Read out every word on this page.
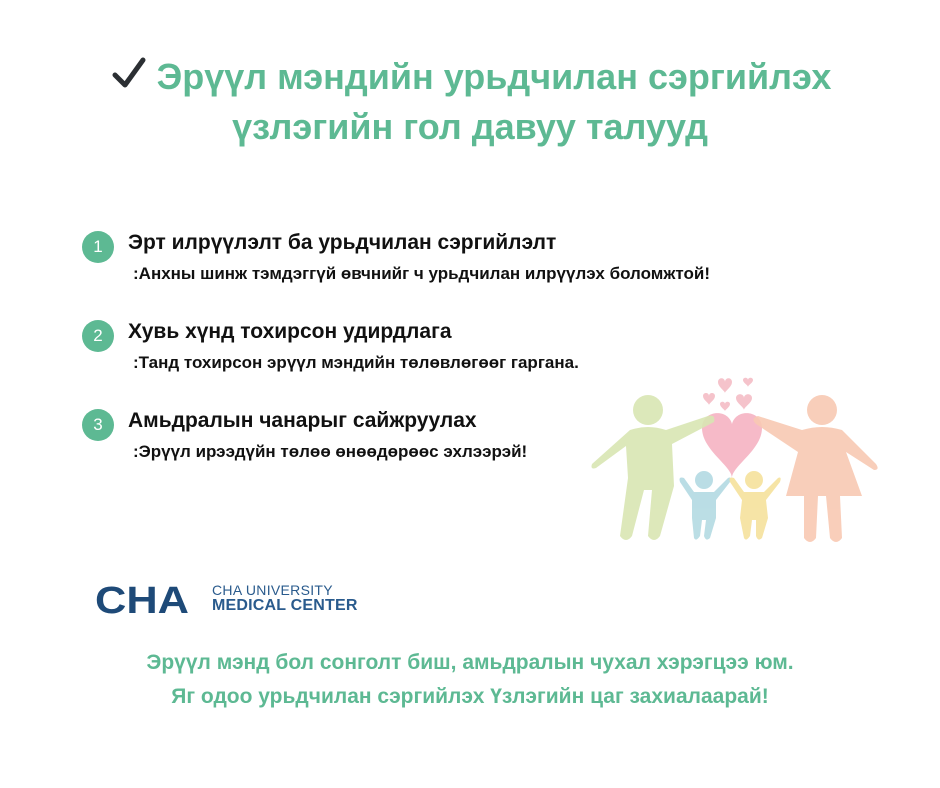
Эрүүл мэндийн урьдчилан сэргийлэх
үзлэгийн гол давуу талууд
1	Эрт илрүүлэлт ба урьдчилан сэргийлэлт
:Анхны шинж тэмдэггүй өвчнийг ч урьдчилан илрүүлэх боломжтой!
2	Хувь хүнд тохирсон удирдлага
:Танд тохирсон эрүүл мэндийн төлөвлөгөөг гаргана.
3	Амьдралын чанарыг сайжруулах
:Эрүүл ирээдүйн төлөө өнөөдөрөөс эхлээрэй!
CHA CHA UNIVERSITY
MEDICAL CENTER
Эрүүл мэнд бол сонголт биш, амьдралын чухал хэрэгцээ юм.
Яг одоо урьдчилан сэргийлэх Үзлэгийн цаг захиалаарай!
